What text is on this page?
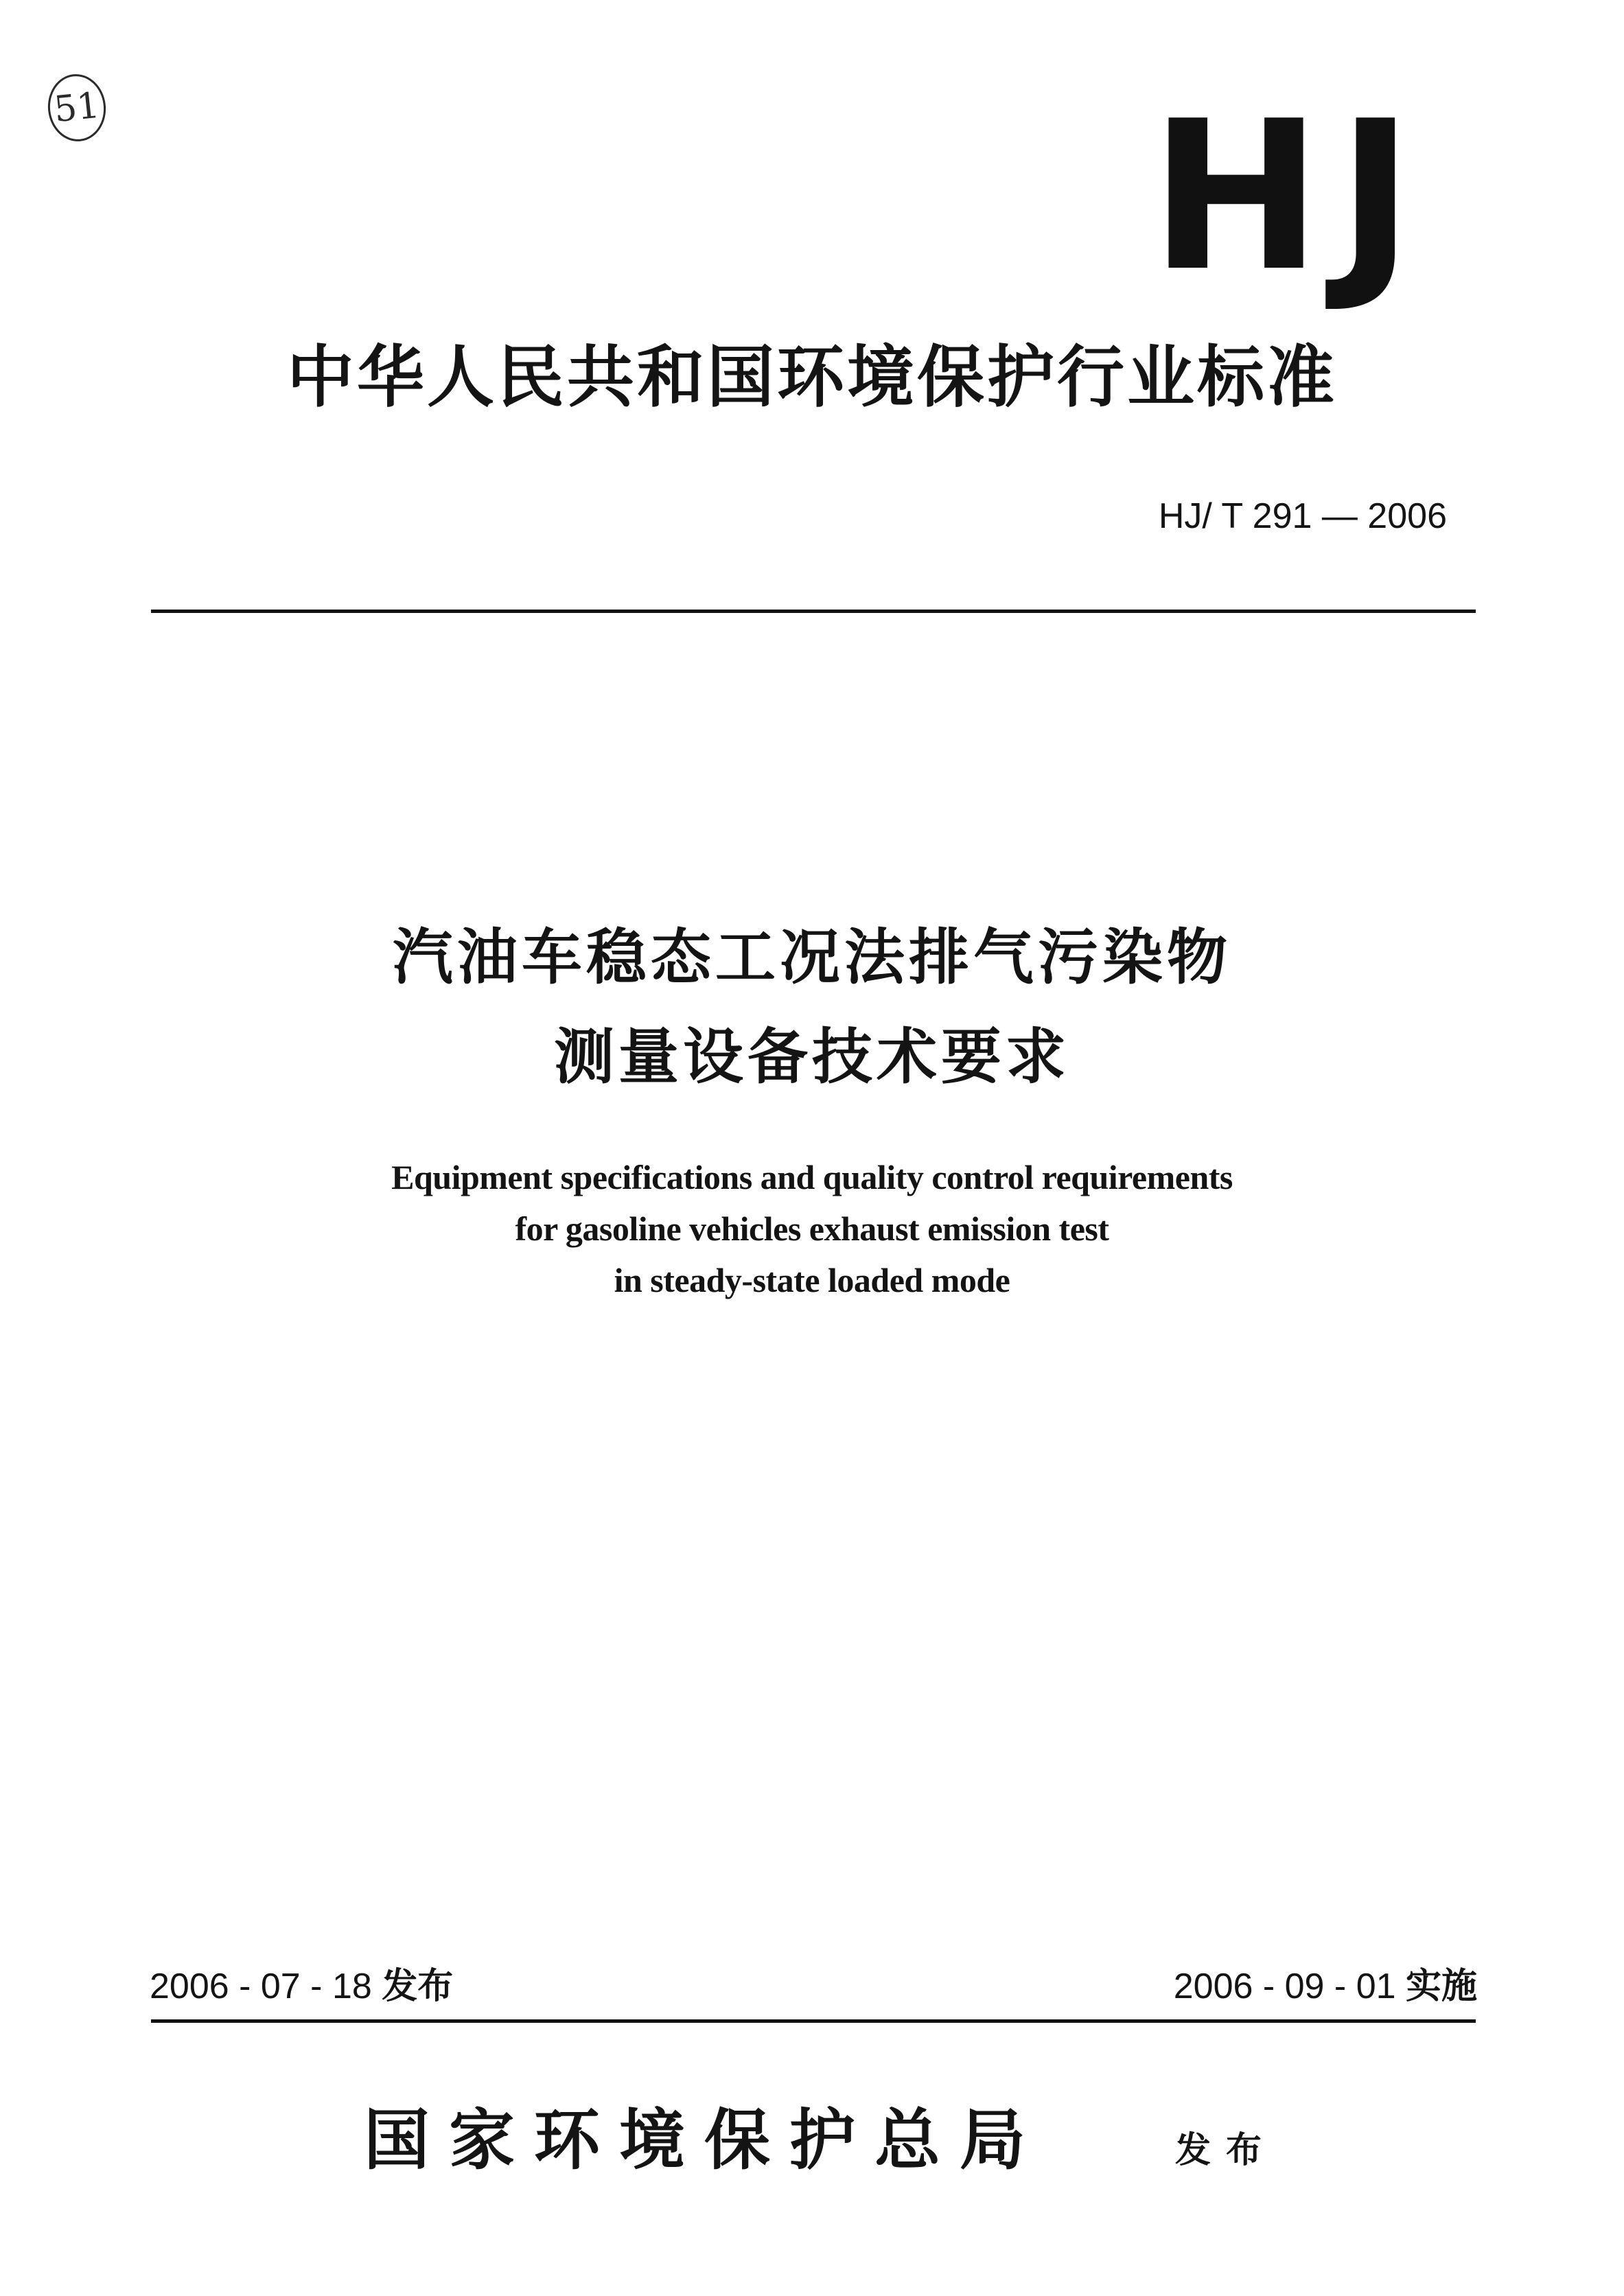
51	HJ
中华人民共和国环境保护行业标准
HJ/ T 291 — 2006
汽油车稳态工况法排气污染物
测量设备技术要求
Equipment specifications and quality control requirements
for gasoline vehicles exhaust emission test
in steady-state loaded mode
2006 - 07 - 18 发布	2006 - 09 - 01 实施
国家环境保护总局	发布
